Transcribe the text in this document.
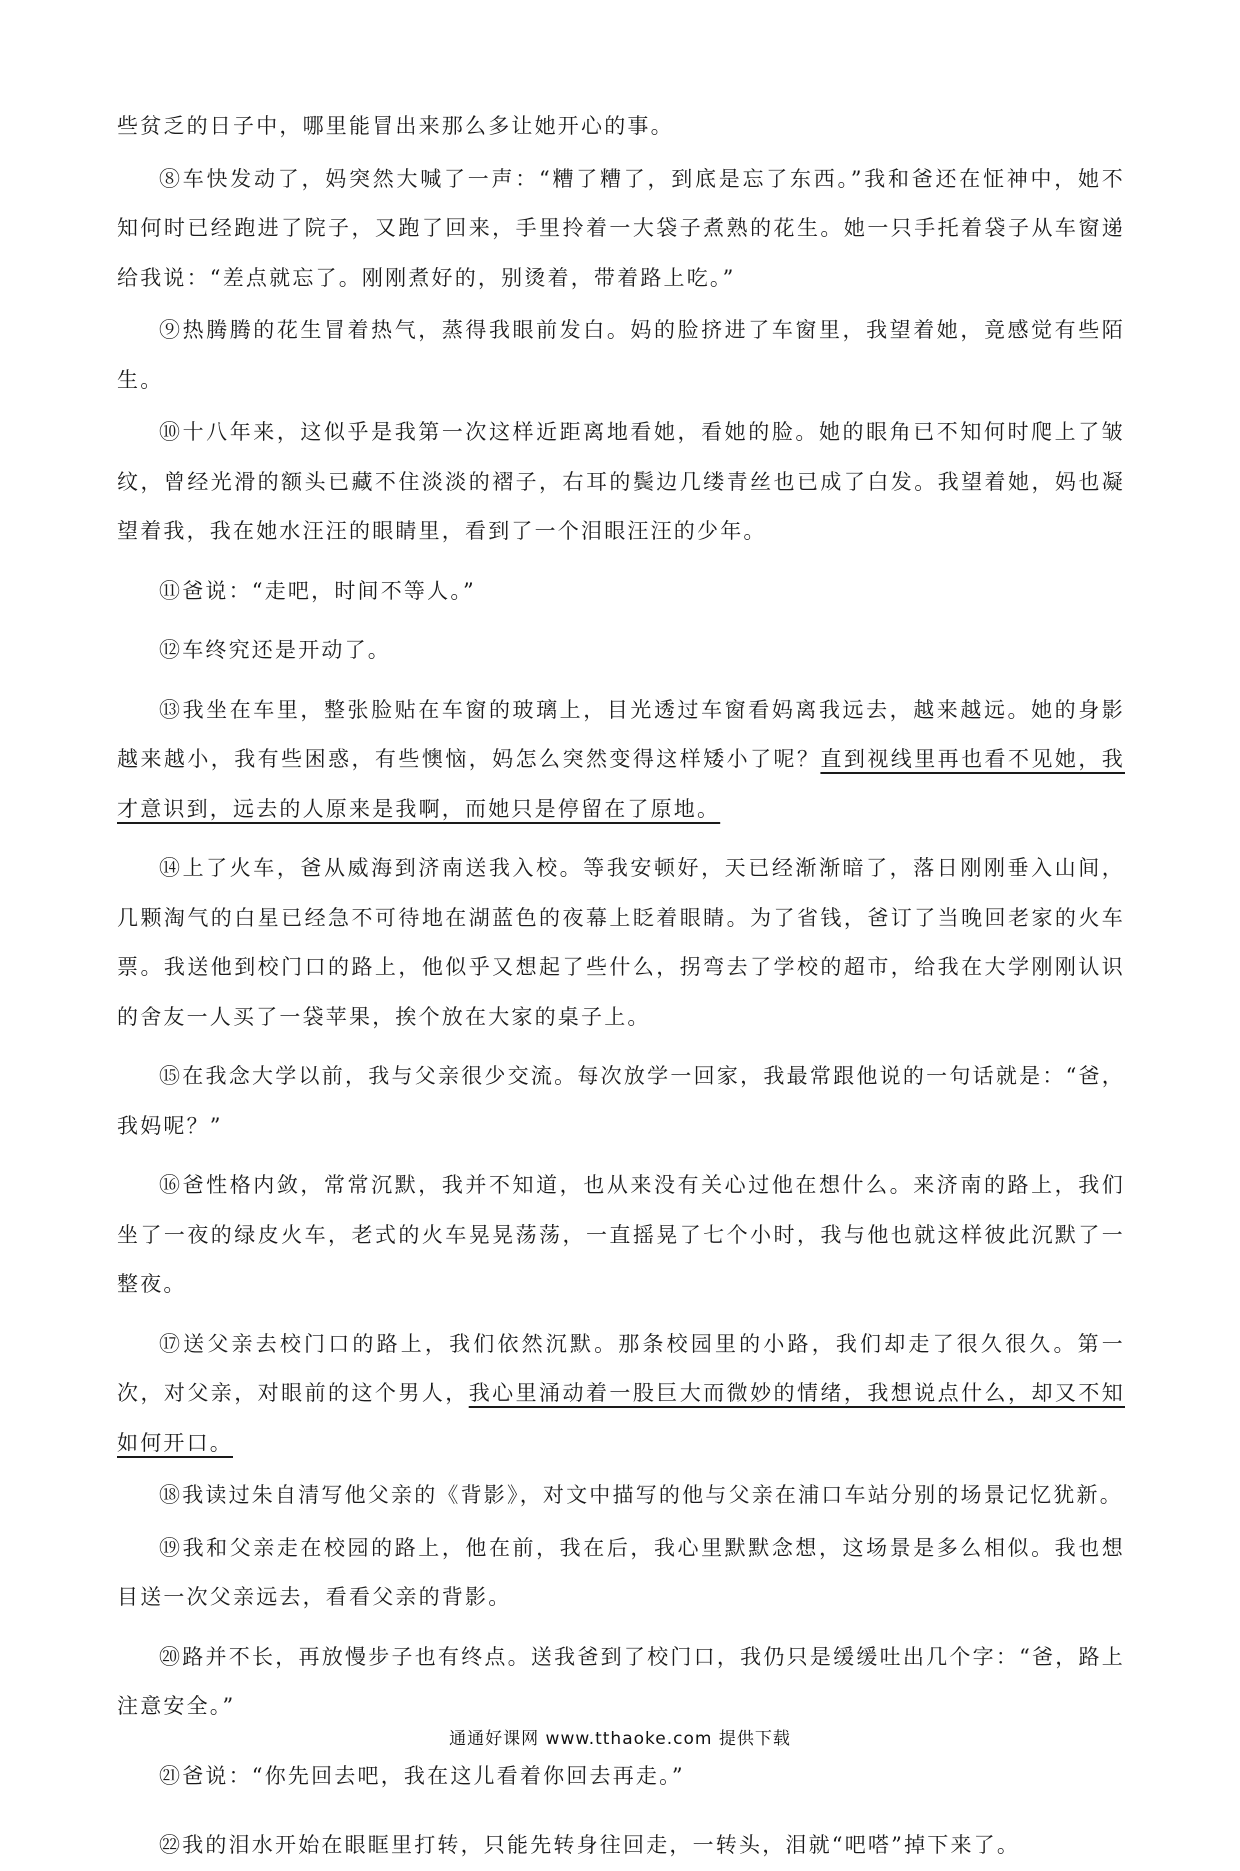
些贫乏的日子中，哪里能冒出来那么多让她开心的事。

⑧车快发动了，妈突然大喊了一声：“糟了糟了，到底是忘了东西。”我和爸还在怔神中，她不知何时已经跑进了院子，又跑了回来，手里拎着一大袋子煮熟的花生。她一只手托着袋子从车窗递给我说：“差点就忘了。刚刚煮好的，别烫着，带着路上吃。”

⑨热腾腾的花生冒着热气，蒸得我眼前发白。妈的脸挤进了车窗里，我望着她，竟感觉有些陌生。

⑩十八年来，这似乎是我第一次这样近距离地看她，看她的脸。她的眼角已不知何时爬上了皱纹，曾经光滑的额头已藏不住淡淡的褶子，右耳的鬓边几缕青丝也已成了白发。我望着她，妈也凝望着我，我在她水汪汪的眼睛里，看到了一个泪眼汪汪的少年。

⑪爸说：“走吧，时间不等人。”

⑫车终究还是开动了。

⑬我坐在车里，整张脸贴在车窗的玻璃上，目光透过车窗看妈离我远去，越来越远。她的身影越来越小，我有些困惑，有些懊恼，妈怎么突然变得这样矮小了呢？直到视线里再也看不见她，我才意识到，远去的人原来是我啊，而她只是停留在了原地。

⑭上了火车，爸从威海到济南送我入校。等我安顿好，天已经渐渐暗了，落日刚刚垂入山间，几颗淘气的白星已经急不可待地在湖蓝色的夜幕上眨着眼睛。为了省钱，爸订了当晚回老家的火车票。我送他到校门口的路上，他似乎又想起了些什么，拐弯去了学校的超市，给我在大学刚刚认识的舍友一人买了一袋苹果，挨个放在大家的桌子上。

⑮在我念大学以前，我与父亲很少交流。每次放学一回家，我最常跟他说的一句话就是：“爸，我妈呢？”

⑯爸性格内敛，常常沉默，我并不知道，也从来没有关心过他在想什么。来济南的路上，我们坐了一夜的绿皮火车，老式的火车晃晃荡荡，一直摇晃了七个小时，我与他也就这样彼此沉默了一整夜。

⑰送父亲去校门口的路上，我们依然沉默。那条校园里的小路，我们却走了很久很久。第一次，对父亲，对眼前的这个男人，我心里涌动着一股巨大而微妙的情绪，我想说点什么，却又不知如何开口。

⑱我读过朱自清写他父亲的《背影》，对文中描写的他与父亲在浦口车站分别的场景记忆犹新。

⑲我和父亲走在校园的路上，他在前，我在后，我心里默默念想，这场景是多么相似。我也想目送一次父亲远去，看看父亲的背影。

⑳路并不长，再放慢步子也有终点。送我爸到了校门口，我仍只是缓缓吐出几个字：“爸，路上注意安全。”

㉑爸说：“你先回去吧，我在这儿看着你回去再走。”

㉒我的泪水开始在眼眶里打转，只能先转身往回走，一转头，泪就“吧嗒”掉下来了。

通通好课网 www.tthaoke.com 提供下载
